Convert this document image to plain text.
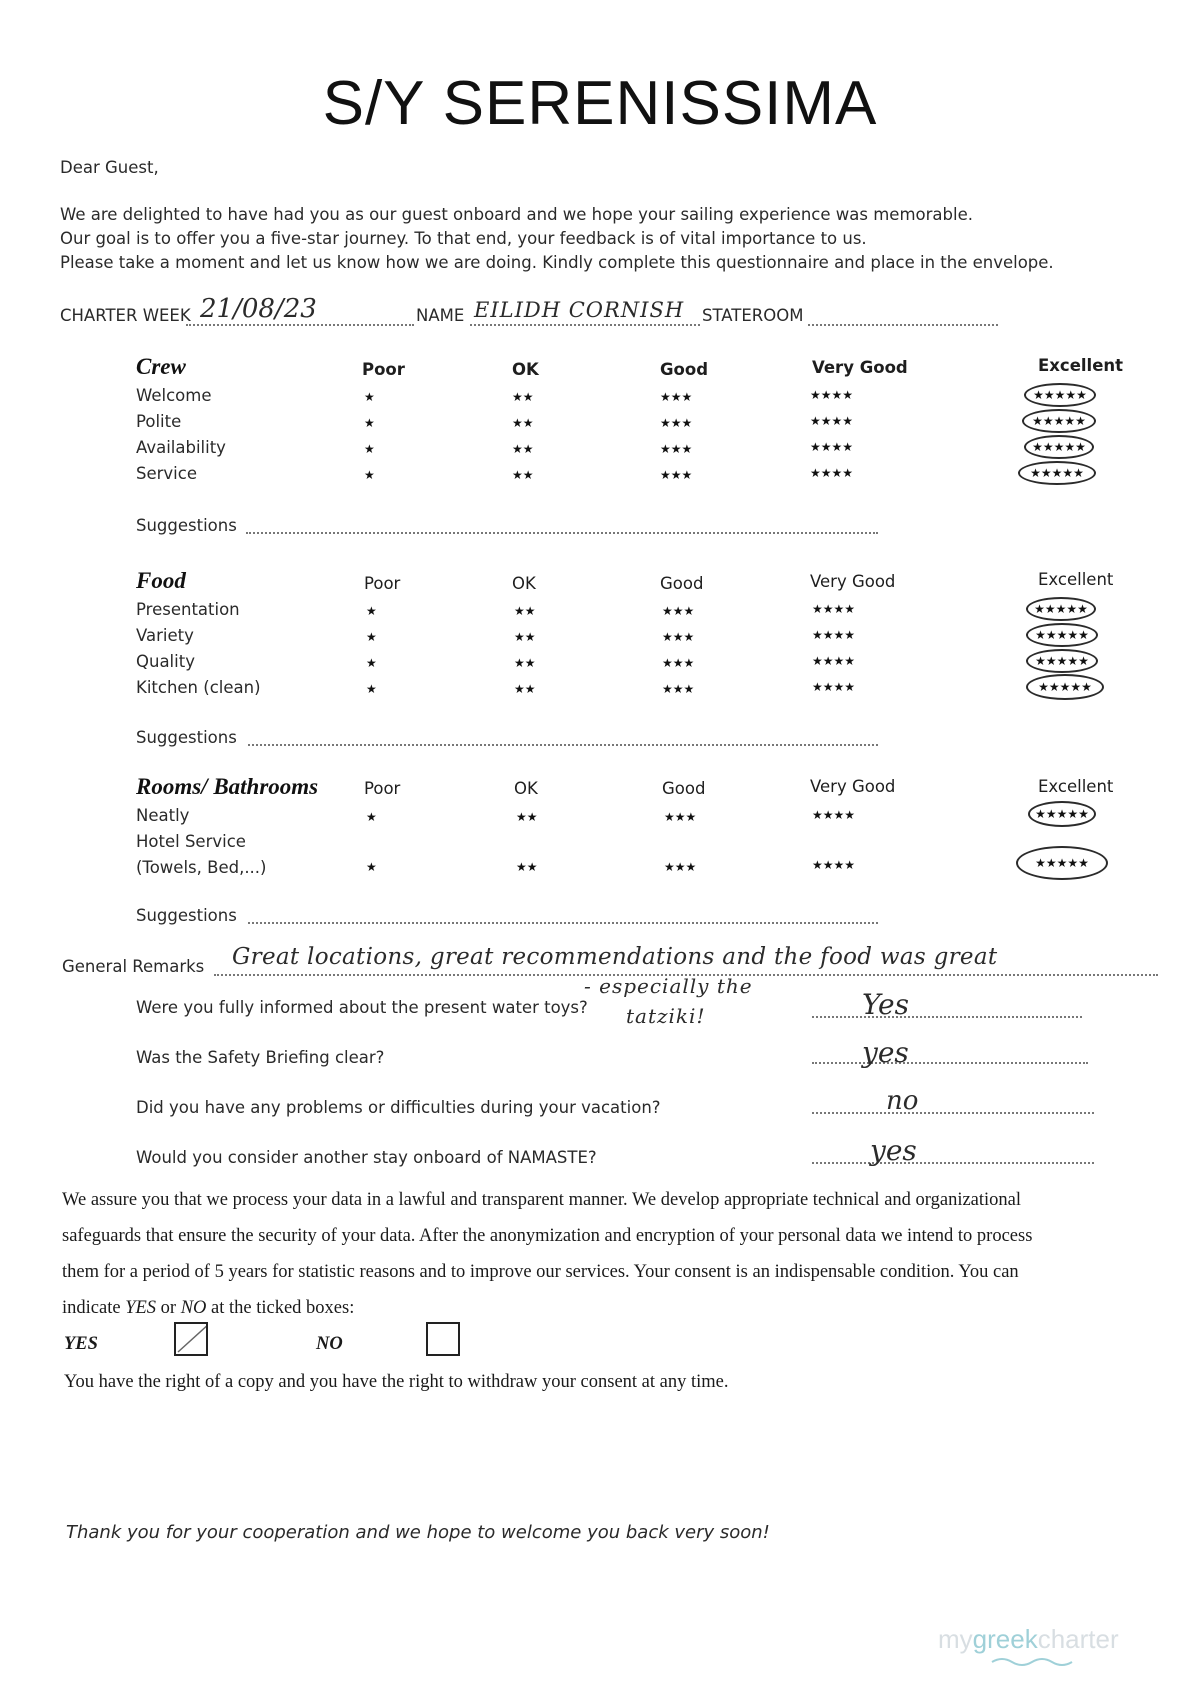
S/Y SERENISSIMA
Dear Guest,
We are delighted to have had you as our guest onboard and we hope your sailing experience was memorable.
Our goal is to offer you a five-star journey. To that end, your feedback is of vital importance to us.
Please take a moment and let us know how we are doing. Kindly complete this questionnaire and place in the envelope.
CHARTER WEEK 21/08/23	NAME EILIDH CORNISH STATEROOM
Crew	Poor	OK	Good	Very Good	Excellent
Welcome	★	★★	★★★	★★★★	★★★★★
Polite	★	★★	★★★	★★★★	★★★★★
Availability	★	★★	★★★	★★★★	★★★★★
Service	★	★★	★★★	★★★★	★★★★★
Suggestions
Food	Poor	OK	Good	Very Good	Excellent
Presentation	★	★★	★★★	★★★★	★★★★★
Variety	★	★★	★★★	★★★★	★★★★★
Quality	★	★★	★★★	★★★★	★★★★★
Kitchen (clean)	★	★★	★★★	★★★★	★★★★★
Suggestions
Rooms/ Bathrooms	Poor	OK	Good	Very Good	Excellent
Neatly	★	★★	★★★	★★★★	★★★★★
Hotel Service
(Towels, Bed,...)	★	★★	★★★	★★★★	★★★★★
Suggestions
General Remarks Great locations, great recommendations and the food was great
- especially the
tatziki!
Were you fully informed about the present water toys?	Yes
Was the Safety Briefing clear?	yes
Did you have any problems or difficulties during your vacation?	no
Would you consider another stay onboard of NAMASTE?	yes
We assure you that we process your data in a lawful and transparent manner. We develop appropriate technical and organizational
safeguards that ensure the security of your data. After the anonymization and encryption of your personal data we intend to process
them for a period of 5 years for statistic reasons and to improve our services. Your consent is an indispensable condition. You can
indicate YES or NO at the ticked boxes:
YES	NO
You have the right of a copy and you have the right to withdraw your consent at any time.
Thank you for your cooperation and we hope to welcome you back very soon!
mygreekcharter
